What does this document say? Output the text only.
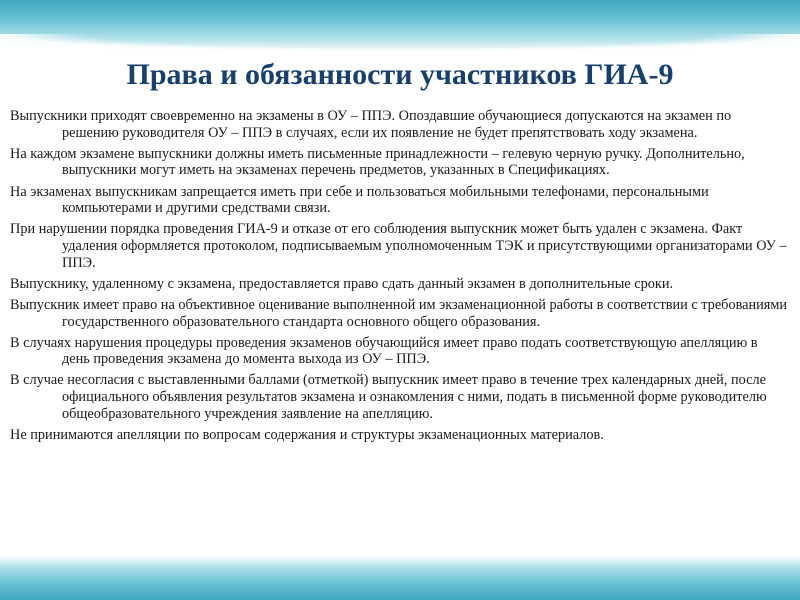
Права и обязанности участников ГИА-9

Выпускники приходят своевременно на экзамены в ОУ – ППЭ. Опоздавшие обучающиеся допускаются на экзамен по решению руководителя ОУ – ППЭ в случаях, если их появление не будет препятствовать ходу экзамена.

На каждом экзамене выпускники должны иметь письменные принадлежности – гелевую черную ручку. Дополнительно, выпускники могут иметь на экзаменах перечень предметов, указанных в Спецификациях.

На экзаменах выпускникам запрещается иметь при себе и пользоваться мобильными телефонами, персональными компьютерами и другими средствами связи.

При нарушении порядка проведения ГИА-9 и отказе от его соблюдения выпускник может быть удален с экзамена. Факт удаления оформляется протоколом, подписываемым уполномоченным ТЭК и присутствующими организаторами ОУ – ППЭ.

Выпускнику, удаленному с экзамена, предоставляется право сдать данный экзамен в дополнительные сроки.

Выпускник имеет право на объективное оценивание выполненной им экзаменационной работы в соответствии с требованиями государственного образовательного стандарта основного общего образования.

В случаях нарушения процедуры проведения экзаменов обучающийся имеет право подать соответствующую апелляцию в день проведения экзамена до момента выхода из ОУ – ППЭ.

В случае несогласия с выставленными баллами (отметкой) выпускник имеет право в течение трех календарных дней, после официального объявления результатов экзамена и ознакомления с ними, подать в письменной форме руководителю общеобразовательного учреждения заявление на апелляцию.

Не принимаются апелляции по вопросам содержания и структуры экзаменационных материалов.
